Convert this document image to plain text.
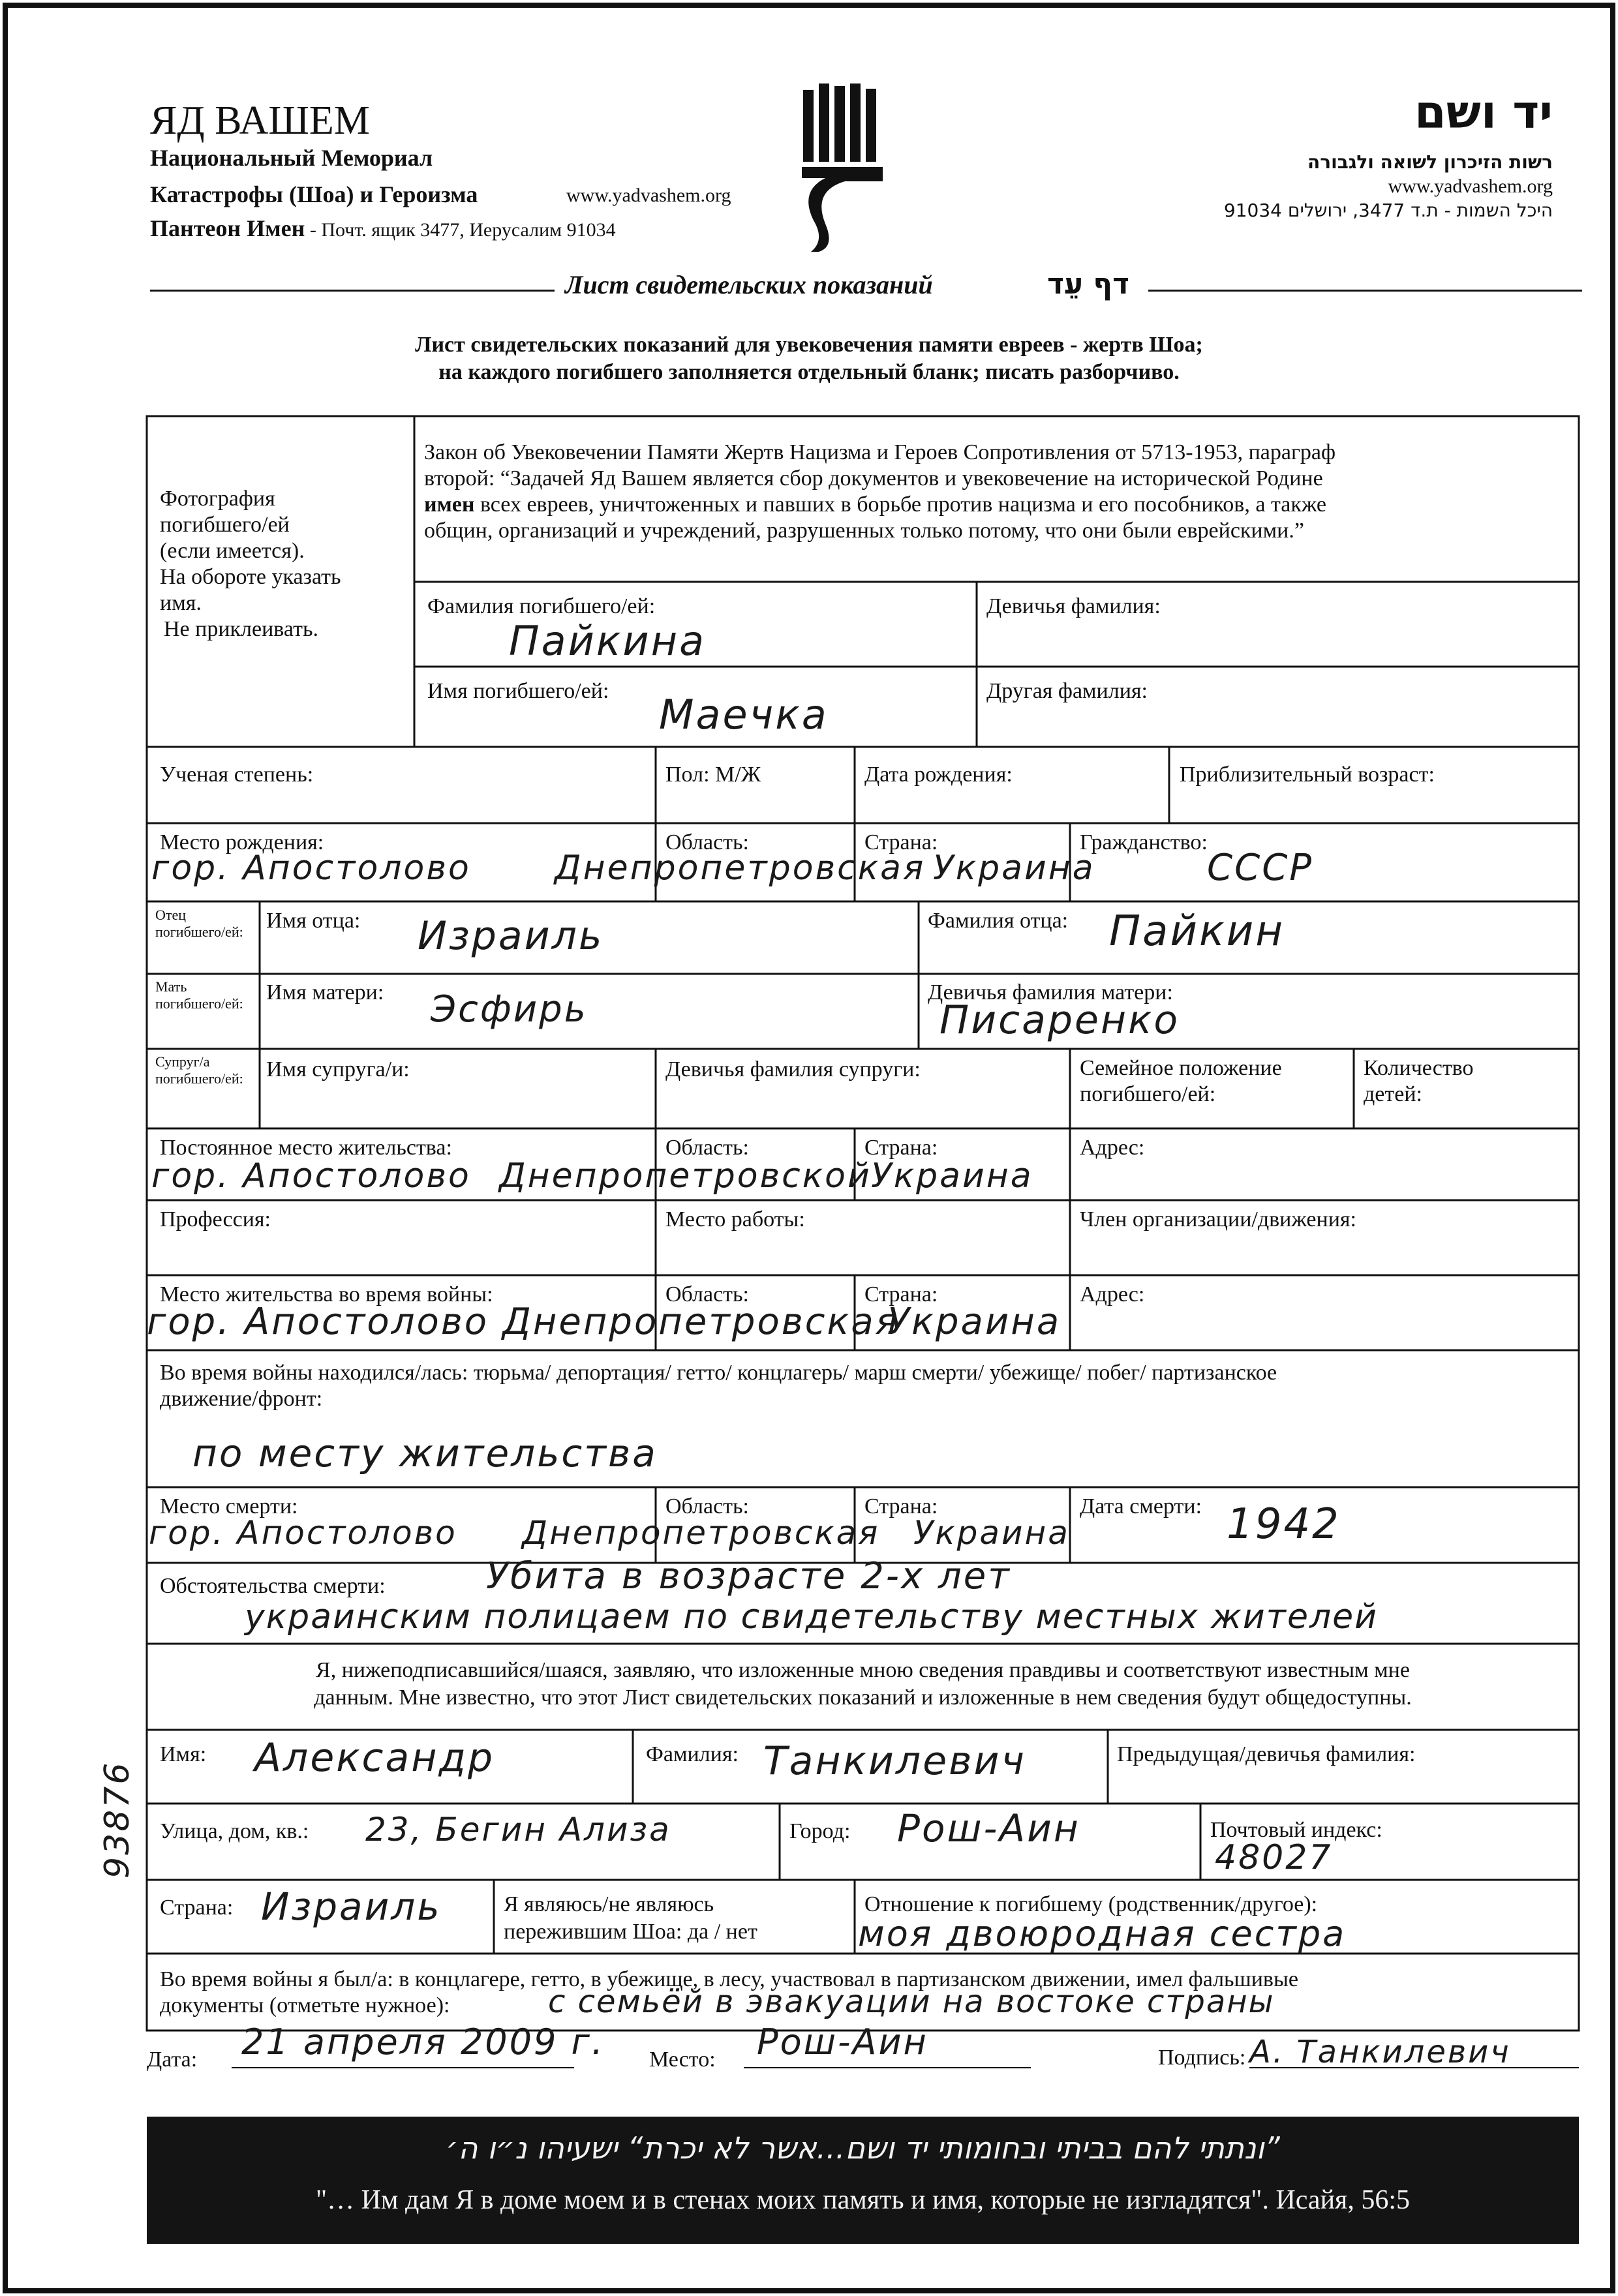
ЯД ВАШЕМ
Национальный Мемориал
Катастрофы (Шоа) и Героизма	www.yadvashem.org
Пантеон Имен - Почт. ящик 3477, Иерусалим 91034
יד ושם
רשות הזיכרון לשואה ולגבורה
www.yadvashem.org
היכל השמות - ת.ד 3477, ירושלים 91034
Лист свидетельских показаний	דף עֵד
Лист свидетельских показаний для увековечения памяти евреев - жертв Шоа;
на каждого погибшего заполняется отдельный бланк; писать разборчиво.
Фотография
погибшего/ей
(если имеется).
На обороте указать
имя.
Не приклеивать.
Закон об Увековечении Памяти Жертв Нацизма и Героев Сопротивления от 5713-1953, параграф
второй: “Задачей Яд Вашем является сбор документов и увековечение на исторической Родине
имен всех евреев, уничтоженных и павших в борьбе против нацизма и его пособников, а также
общин, организаций и учреждений, разрушенных только потому, что они были еврейскими.”
Фамилия погибшего/ей:
Пайкина
Девичья фамилия:
Имя погибшего/ей: Маечка	Другая фамилия:
Ученая степень:	Пол: М/Ж	Дата рождения:	Приблизительный возраст:
Место рождения:
гор. Апостолово
Область:
Днепропетровская
Страна:
Украина
Гражданство:
СССР
Отец погибшего/ей:	Имя отца: Израиль	Фамилия отца: Пайкин
Мать погибшего/ей:	Имя матери: Эсфирь	Девичья фамилия матери:
Писаренко
Супруг/а погибшего/ей:	Имя супруга/и:	Девичья фамилия супруги:	Семейное положение
погибшего/ей:
Количество
детей:
Постоянное место жительства:
гор. Апостолово
Область:
Днепропетровской
Страна:
Украина
Адрес:
Профессия:	Место работы:	Член организации/движения:
Место жительства во время войны:
гор. Апостолово
Область:
Днепропетровская
Страна:
Украина
Адрес:
Во время войны находился/лась: тюрьма/ депортация/ гетто/ концлагерь/ марш смерти/ убежище/ побег/ партизанское
движение/фронт:
по месту жительства
Место смерти:
гор. Апостолово
Область:
Днепропетровская
Страна:
Украина
Дата смерти: 1942
Обстоятельства смерти:	Убита в возрасте 2-х лет
украинским полицаем по свидетельству местных жителей
Я, нижеподписавшийся/шаяся, заявляю, что изложенные мною сведения правдивы и соответствуют известным мне
данным. Мне известно, что этот Лист свидетельских показаний и изложенные в нем сведения будут общедоступны.
Имя: Александр	Фамилия: Танкилевич	Предыдущая/девичья фамилия:
Улица, дом, кв.: 23, Бегин Ализа	Город: Рош-Аин	Почтовый индекс:
48027
Страна: Израиль	Я являюсь/не являюсь
пережившим Шоа: да / нет
Отношение к погибшему (родственник/другое):
моя двоюродная сестра
Во время войны я был/а: в концлагере, гетто, в убежище, в лесу, участвовал в партизанском движении, имел фальшивые
документы (отметьте нужное):	с семьёй в эвакуации на востоке страны
Дата: 21 апреля 2009 г. Место: Рош-Аин	Подпись: А. Танкилевич
93876
”ונתתי להם בביתי ובחומותי יד ושם...אשר לא יכרת“ ישעיהו נ״ו ה׳
"… Им дам Я в доме моем и в стенах моих память и имя, которые не изгладятся". Исайя, 56:5
